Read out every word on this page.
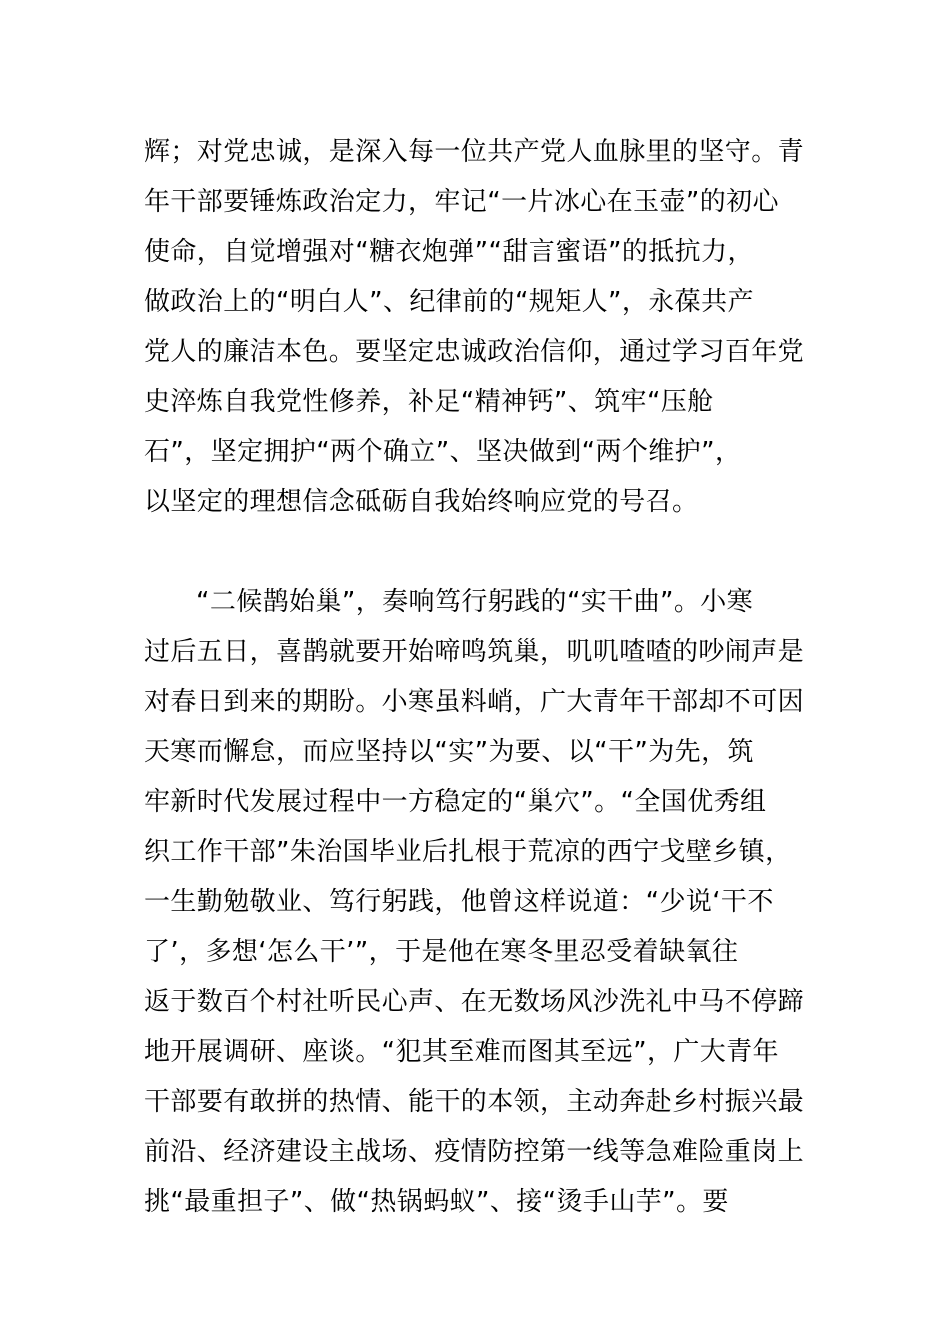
辉；对党忠诚，是深入每一位共产党人血脉里的坚守。青
年干部要锤炼政治定力，牢记“一片冰心在玉壶”的初心
使命，自觉增强对“糖衣炮弹”“甜言蜜语”的抵抗力，
做政治上的“明白人”、纪律前的“规矩人”，永葆共产
党人的廉洁本色。要坚定忠诚政治信仰，通过学习百年党
史淬炼自我党性修养，补足“精神钙”、筑牢“压舱
石”，坚定拥护“两个确立”、坚决做到“两个维护”，
以坚定的理想信念砥砺自我始终响应党的号召。
“二候鹊始巢”，奏响笃行躬践的“实干曲”。小寒
过后五日，喜鹊就要开始啼鸣筑巢，叽叽喳喳的吵闹声是
对春日到来的期盼。小寒虽料峭，广大青年干部却不可因
天寒而懈怠，而应坚持以“实”为要、以“干”为先，筑
牢新时代发展过程中一方稳定的“巢穴”。“全国优秀组
织工作干部”朱治国毕业后扎根于荒凉的西宁戈壁乡镇，
一生勤勉敬业、笃行躬践，他曾这样说道：“少说‘干不
了’，多想‘怎么干’”，于是他在寒冬里忍受着缺氧往
返于数百个村社听民心声、在无数场风沙洗礼中马不停蹄
地开展调研、座谈。“犯其至难而图其至远”，广大青年
干部要有敢拼的热情、能干的本领，主动奔赴乡村振兴最
前沿、经济建设主战场、疫情防控第一线等急难险重岗上
挑“最重担子”、做“热锅蚂蚁”、接“烫手山芋”。要
